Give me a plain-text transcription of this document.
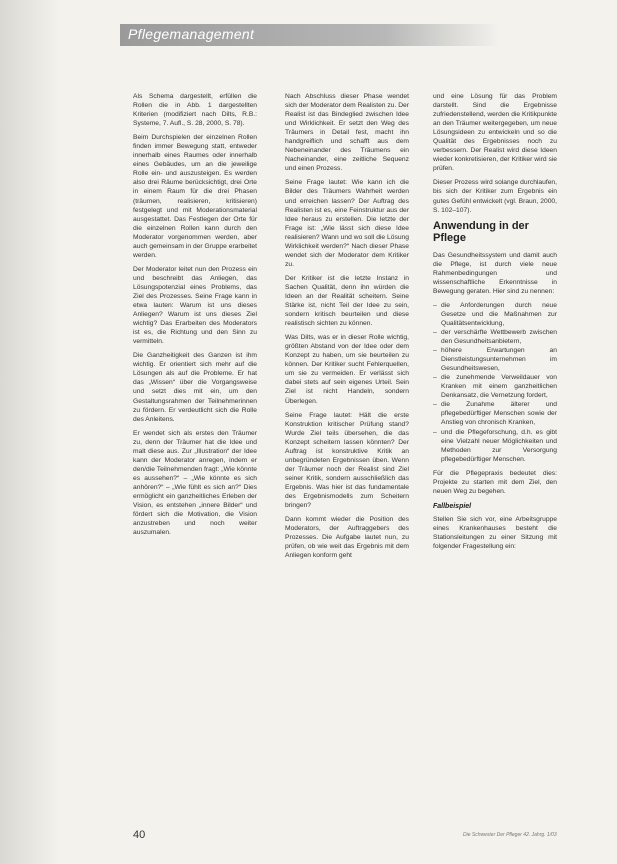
Pflegemanagement

Als Schema dargestellt, erfüllen die Rollen die in Abb. 1 dargestellten Kriterien (modifiziert nach Dilts, R.B.: Systeme, 7. Aufl., S. 28, 2000, S. 78).

Beim Durchspielen der einzelnen Rollen finden immer Bewegung statt, entweder innerhalb eines Raumes oder innerhalb eines Gebäudes, um an die jeweilige Rolle ein- und auszusteigen. Es werden also drei Räume berücksichtigt, drei Orte in einem Raum für die drei Phasen (träumen, realisieren, kritisieren) festgelegt und mit Moderationsmaterial ausgestattet. Das Festlegen der Orte für die einzelnen Rollen kann durch den Moderator vorgenommen werden, aber auch gemeinsam in der Gruppe erarbeitet werden.

Der Moderator leitet nun den Prozess ein und beschreibt das Anliegen, das Lösungspotenzial eines Problems, das Ziel des Prozesses. Seine Frage kann in etwa lauten: Warum ist uns dieses Anliegen? Warum ist uns dieses Ziel wichtig? Das Erarbeiten des Moderators ist es, die Richtung und den Sinn zu vermitteln.

Die Ganzheitigkeit des Ganzen ist ihm wichtig. Er orientiert sich mehr auf die Lösungen als auf die Probleme. Er hat das „Wissen“ über die Vorgangsweise und setzt dies mit ein, um den Gestaltungsrahmen der Teilnehmerinnen zu fördern. Er verdeutlicht sich die Rolle des Anleitens.

Er wendet sich als erstes den Träumer zu, denn der Träumer hat die Idee und malt diese aus. Zur „Illustration“ der Idee kann der Moderator anregen, indem er den/die Teilnehmenden fragt: „Wie könnte es aussehen?“ – „Wie könnte es sich anhören?“ – „Wie fühlt es sich an?“ Dies ermöglicht ein ganzheitliches Erleben der Vision, es entstehen „innere Bilder“ und fördert sich die Motivation, die Vision anzustreben und noch weiter auszumalen.

Nach Abschluss dieser Phase wendet sich der Moderator dem Realisten zu. Der Realist ist das Bindeglied zwischen Idee und Wirklichkeit. Er setzt den Weg des Träumers in Detail fest, macht ihn handgreiflich und schafft aus dem Nebeneinander des Träumens ein Nacheinander, eine zeitliche Sequenz und einen Prozess.

Seine Frage lautet: Wie kann ich die Bilder des Träumers Wahrheit werden und erreichen lassen? Der Auftrag des Realisten ist es, eine Feinstruktur aus der Idee heraus zu erstellen. Die letzte der Frage ist: „Wie lässt sich diese Idee realisieren? Wann und wo soll die Lösung Wirklichkeit werden?“ Nach dieser Phase wendet sich der Moderator dem Kritiker zu.

Der Kritiker ist die letzte Instanz in Sachen Qualität, denn ihn würden die Ideen an der Realität scheitern. Seine Stärke ist, nicht Teil der Idee zu sein, sondern kritisch beurteilen und diese realistisch sichten zu können.

Was Dilts, was er in dieser Rolle wichtig, größten Abstand von der Idee oder dem Konzept zu haben, um sie beurteilen zu können. Der Kritiker sucht Fehlerquellen, um sie zu vermeiden. Er verlässt sich dabei stets auf sein eigenes Urteil. Sein Ziel ist nicht Handeln, sondern Überlegen.

Seine Frage lautet: Hält die erste Konstruktion kritischer Prüfung stand? Wurde Ziel teils übersehen, die das Konzept scheitern lassen könnten? Der Auftrag ist konstruktive Kritik an unbegründeten Ergebnissen üben. Wenn der Träumer noch der Realist sind Ziel seiner Kritik, sondern ausschließlich das Ergebnis. Was hier ist das fundamentale des Ergebnismodells zum Scheitern bringen?

Dann kommt wieder die Position des Moderators, der Auftraggebers des Prozesses. Die Aufgabe lautet nun, zu prüfen, ob wie weit das Ergebnis mit dem Anliegen konform geht

und eine Lösung für das Problem darstellt. Sind die Ergebnisse zufriedenstellend, werden die Kritikpunkte an den Träumer weitergegeben, um neue Lösungsideen zu entwickeln und so die Qualität des Ergebnisses noch zu verbessern. Der Realist wird diese Ideen wieder konkretisieren, der Kritiker wird sie prüfen.

Dieser Prozess wird solange durchlaufen, bis sich der Kritiker zum Ergebnis ein gutes Gefühl entwickelt (vgl. Braun, 2000, S. 102–107).

Anwendung in der Pflege

Das Gesundheitssystem und damit auch die Pflege, ist durch viele neue Rahmenbedingungen und wissenschaftliche Erkenntnisse in Bewegung geraten. Hier sind zu nennen:

– die Anforderungen durch neue Gesetze und die Maßnahmen zur Qualitätsentwicklung,
– der verschärfte Wettbewerb zwischen den Gesundheitsanbietern,
– höhere Erwartungen an Dienstleistungsunternehmen im Gesundheitswesen,
– die zunehmende Verweildauer von Kranken mit einem ganzheitlichen Denkansatz, die Vernetzung fordert,
– die Zunahme älterer und pflegebedürftiger Menschen sowie der Anstieg von chronisch Kranken,
– und die Pflegeforschung, d.h. es gibt eine Vielzahl neuer Möglichkeiten und Methoden zur Versorgung pflegebedürftiger Menschen.

Für die Pflegepraxis bedeutet dies: Projekte zu starten mit dem Ziel, den neuen Weg zu begehen.

Fallbeispiel

Stellen Sie sich vor, eine Arbeitsgruppe eines Krankenhauses besteht die Stationsleitungen zu einer Sitzung mit folgender Fragestellung ein:

40	Die Schwester Der Pfleger 42. Jahrg. 1/03
